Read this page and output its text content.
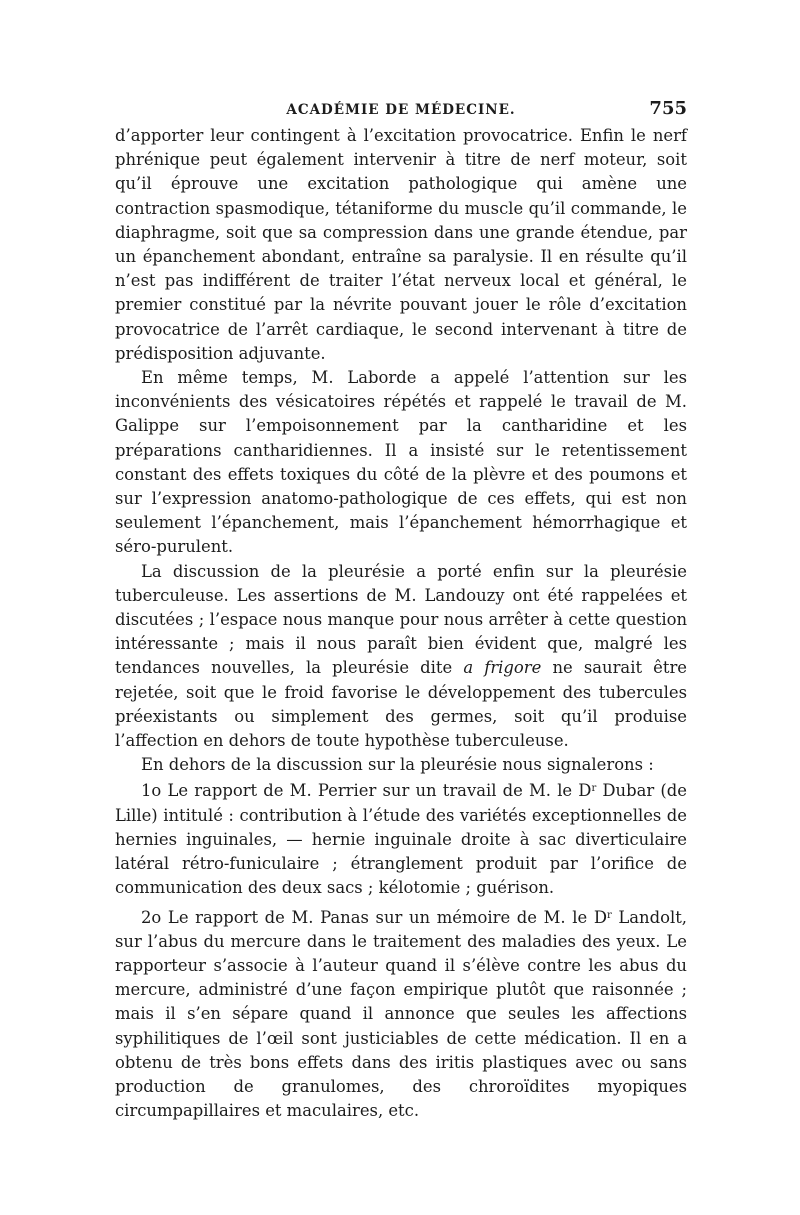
ACADÉMIE DE MÉDECINE.	755

d’apporter leur contingent à l’excitation provocatrice. Enfin le nerf phrénique peut également intervenir à titre de nerf moteur, soit qu’il éprouve une excitation pathologique qui amène une contraction spasmodique, tétaniforme du muscle qu’il commande, le diaphragme, soit que sa compression dans une grande étendue, par un épanchement abondant, entraîne sa paralysie. Il en résulte qu’il n’est pas indifférent de traiter l’état nerveux local et général, le premier constitué par la névrite pouvant jouer le rôle d’excitation provocatrice de l’arrêt cardiaque, le second intervenant à titre de prédisposition adjuvante.

En même temps, M. Laborde a appelé l’attention sur les inconvénients des vésicatoires répétés et rappelé le travail de M. Galippe sur l’empoisonnement par la cantharidine et les préparations cantharidiennes. Il a insisté sur le retentissement constant des effets toxiques du côté de la plèvre et des poumons et sur l’expression anatomo-pathologique de ces effets, qui est non seulement l’épanchement, mais l’épanchement hémorrhagique et séro-purulent.

La discussion de la pleurésie a porté enfin sur la pleurésie tuberculeuse. Les assertions de M. Landouzy ont été rappelées et discutées ; l’espace nous manque pour nous arrêter à cette question intéressante ; mais il nous paraît bien évident que, malgré les tendances nouvelles, la pleurésie dite a frigore ne saurait être rejetée, soit que le froid favorise le développement des tubercules préexistants ou simplement des germes, soit qu’il produise l’affection en dehors de toute hypothèse tuberculeuse.

En dehors de la discussion sur la pleurésie nous signalerons :

1o Le rapport de M. Perrier sur un travail de M. le $D^r$ Dubar (de Lille) intitulé : contribution à l’étude des variétés exceptionnelles de hernies inguinales, — hernie inguinale droite à sac diverticulaire latéral rétro-funiculaire ; étranglement produit par l’orifice de communication des deux sacs ; kélotomie ; guérison.

2o Le rapport de M. Panas sur un mémoire de M. le $D^r$ Landolt, sur l’abus du mercure dans le traitement des maladies des yeux. Le rapporteur s’associe à l’auteur quand il s’élève contre les abus du mercure, administré d’une façon empirique plutôt que raisonnée ; mais il s’en sépare quand il annonce que seules les affections syphilitiques de l’œil sont justiciables de cette médication. Il en a obtenu de très bons effets dans des iritis plastiques avec ou sans production de granulomes, des chroroïdites myopiques circumpapillaires et maculaires, etc.
